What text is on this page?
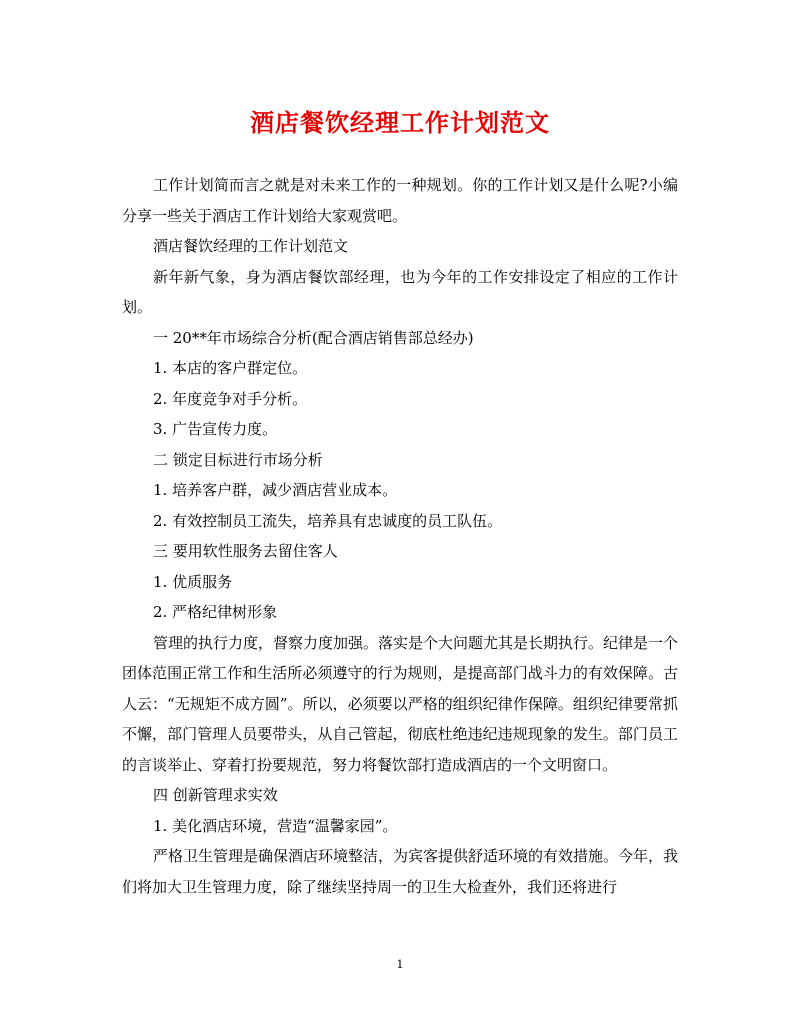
酒店餐饮经理工作计划范文

工作计划简而言之就是对未来工作的一种规划。你的工作计划又是什么呢?小编分享一些关于酒店工作计划给大家观赏吧。

酒店餐饮经理的工作计划范文

新年新气象，身为酒店餐饮部经理，也为今年的工作安排设定了相应的工作计划。

一 20**年市场综合分析(配合酒店销售部总经办)

1. 本店的客户群定位。

2. 年度竞争对手分析。

3. 广告宣传力度。

二 锁定目标进行市场分析

1. 培养客户群，减少酒店营业成本。

2. 有效控制员工流失，培养具有忠诚度的员工队伍。

三 要用软性服务去留住客人

1. 优质服务

2. 严格纪律树形象

管理的执行力度，督察力度加强。落实是个大问题尤其是长期执行。纪律是一个团体范围正常工作和生活所必须遵守的行为规则，是提高部门战斗力的有效保障。古人云：“无规矩不成方圆”。所以，必须要以严格的组织纪律作保障。组织纪律要常抓不懈，部门管理人员要带头，从自己管起，彻底杜绝违纪违规现象的发生。部门员工的言谈举止、穿着打扮要规范，努力将餐饮部打造成酒店的一个文明窗口。

四 创新管理求实效

1. 美化酒店环境，营造“温馨家园”。

严格卫生管理是确保酒店环境整洁，为宾客提供舒适环境的有效措施。今年，我们将加大卫生管理力度，除了继续坚持周一的卫生大检查外，我们还将进行

1
